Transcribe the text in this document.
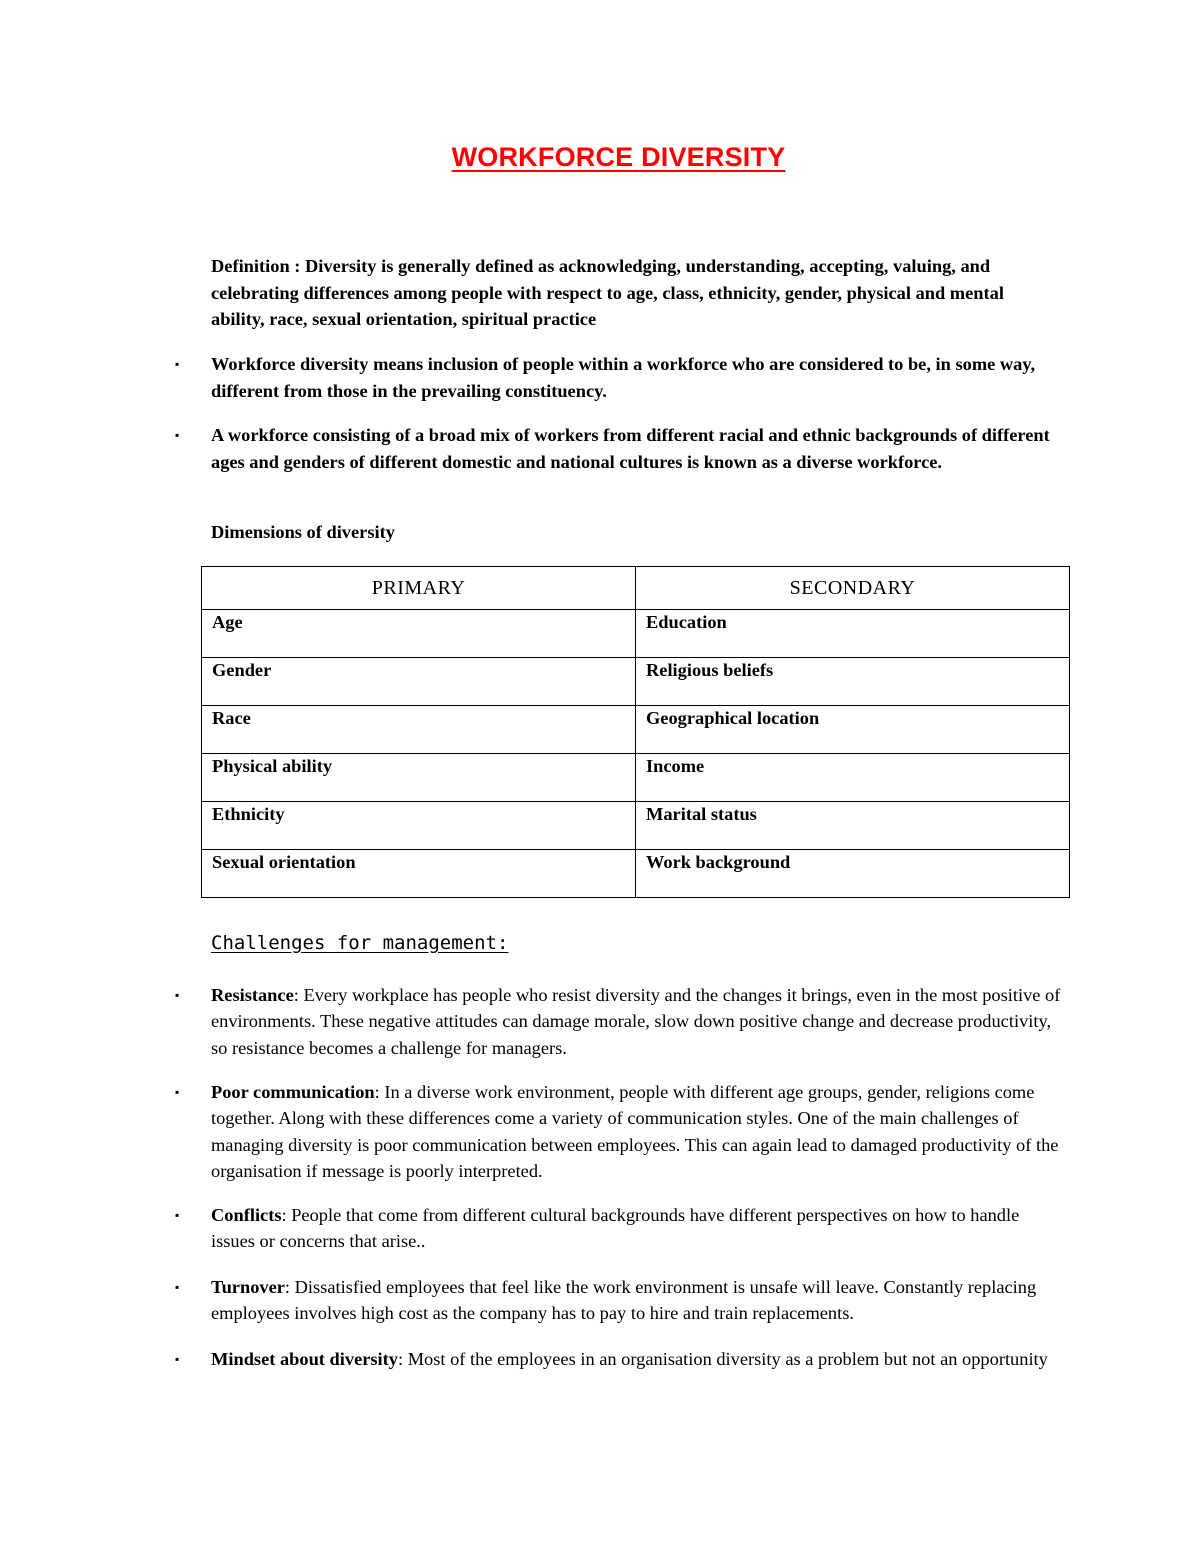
WORKFORCE DIVERSITY
Definition : Diversity is generally defined as acknowledging, understanding, accepting, valuing, and celebrating differences among people with respect to age, class, ethnicity, gender, physical and mental ability, race, sexual orientation, spiritual practice
▪ Workforce diversity means inclusion of people within a workforce who are considered to be, in some way, different from those in the prevailing constituency.
▪ A workforce consisting of a broad mix of workers from different racial and ethnic backgrounds of different ages and genders of different domestic and national cultures is known as a diverse workforce.
Dimensions of diversity
PRIMARY	SECONDARY
Age	Education
Gender	Religious beliefs
Race	Geographical location
Physical ability	Income
Ethnicity	Marital status
Sexual orientation	Work background
Challenges for management:
▪ Resistance: Every workplace has people who resist diversity and the changes it brings, even in the most positive of environments. These negative attitudes can damage morale, slow down positive change and decrease productivity, so resistance becomes a challenge for managers.
▪ Poor communication: In a diverse work environment, people with different age groups, gender, religions come together. Along with these differences come a variety of communication styles. One of the main challenges of managing diversity is poor communication between employees. This can again lead to damaged productivity of the organisation if message is poorly interpreted.
▪ Conflicts: People that come from different cultural backgrounds have different perspectives on how to handle issues or concerns that arise..
▪ Turnover: Dissatisfied employees that feel like the work environment is unsafe will leave. Constantly replacing employees involves high cost as the company has to pay to hire and train replacements.
▪ Mindset about diversity: Most of the employees in an organisation diversity as a problem but not an opportunity
